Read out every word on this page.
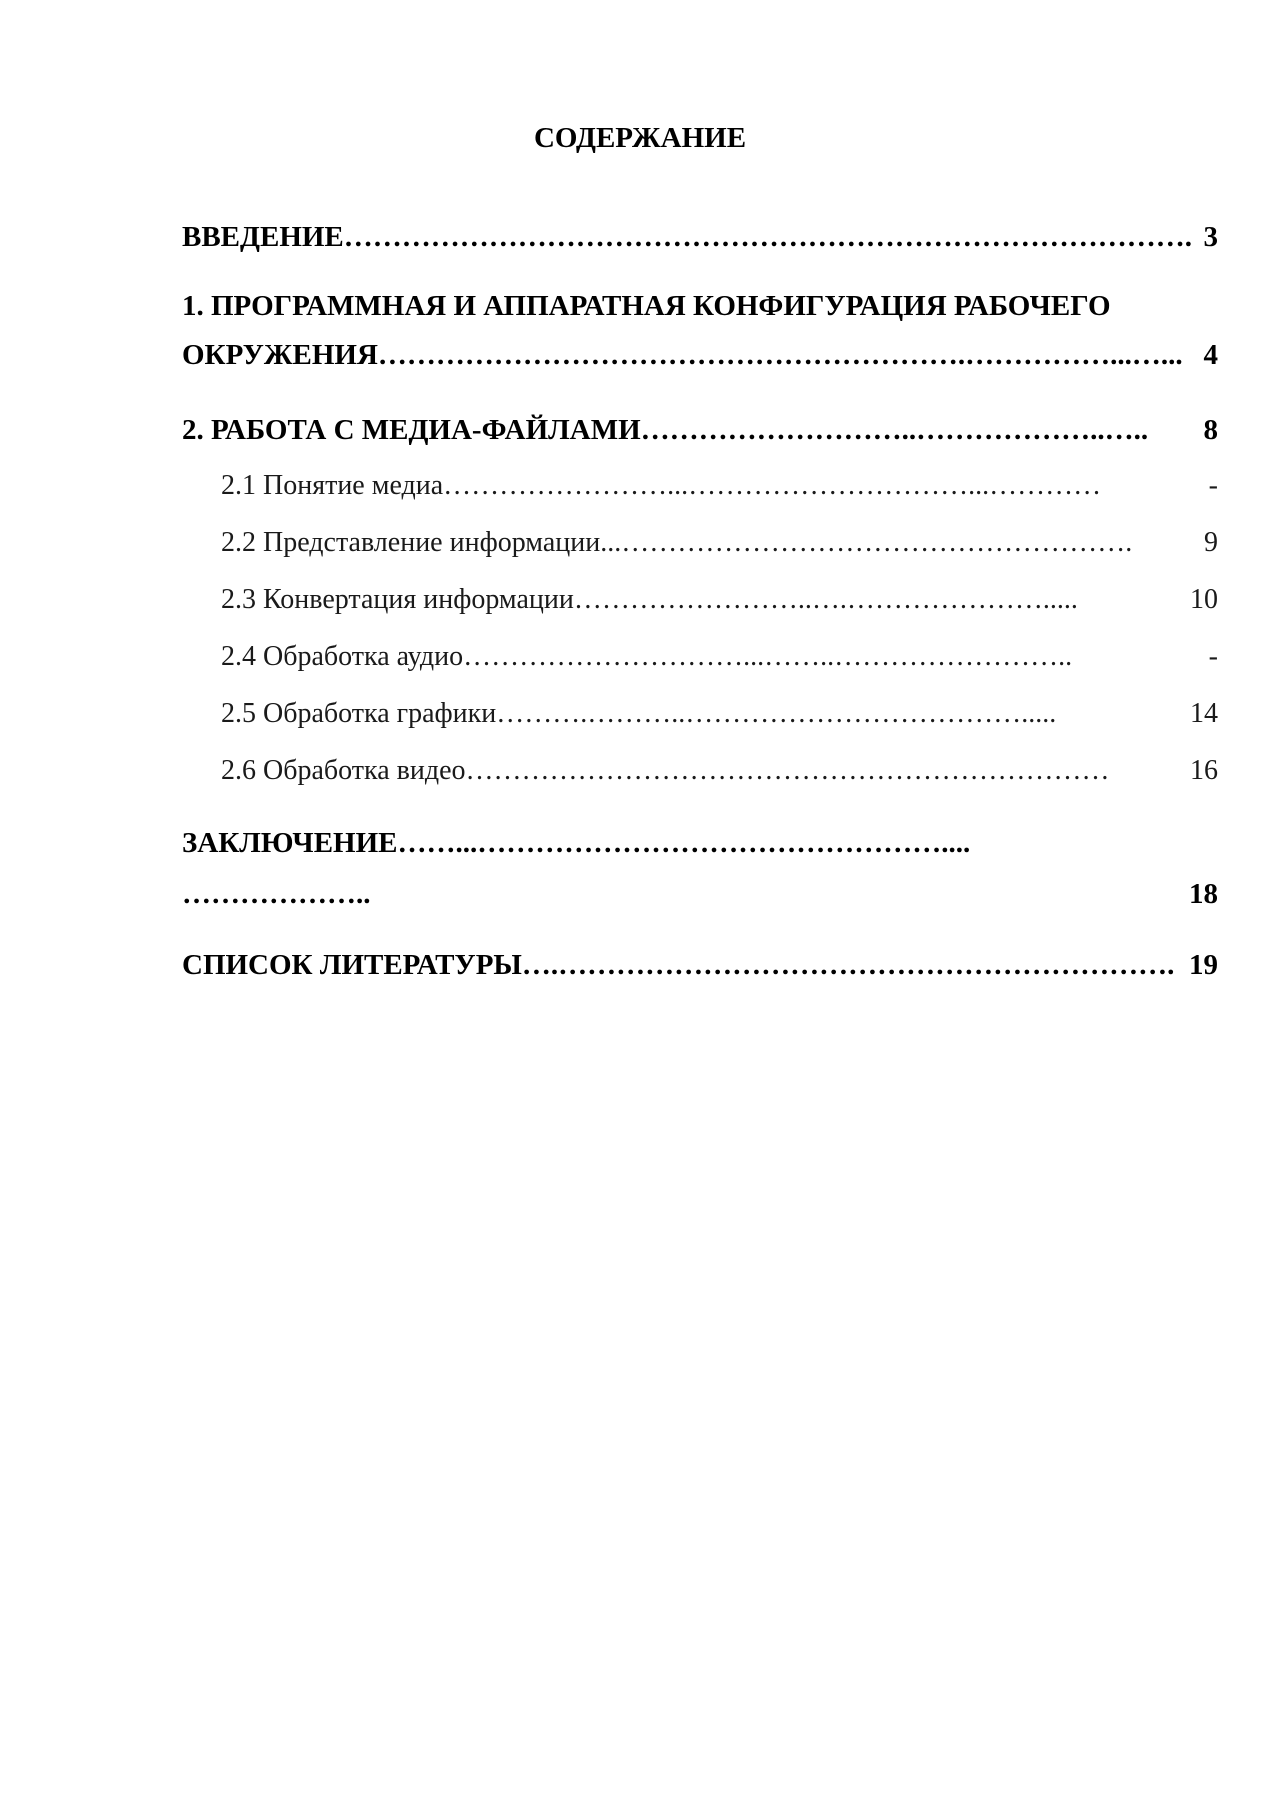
СОДЕРЖАНИЕ
ВВЕДЕНИЕ……………………………………………………………………………. 3
1. ПРОГРАММНАЯ И АППАРАТНАЯ КОНФИГУРАЦИЯ РАБОЧЕГО
ОКРУЖЕНИЯ…………………………………………………….……………...…... 4
2. РАБОТА С МЕДИА-ФАЙЛАМИ………………………..………………..….. 8
2.1 Понятие медиа……………………...…………………………...…………	-
2.2 Представление информации...……………………………………………….	9
2.3 Конвертация информации……………………..….………………….....	10
2.4 Обработка аудио…………………………...……..……………………..	-
2.5 Обработка графики……….………..……………………………….....	14
2.6 Обработка видео……………………………………………………………	16
ЗАКЛЮЧЕНИЕ……...…………………………………………....
………………..	18
СПИСОК ЛИТЕРАТУРЫ….………………………………………………………. 19
